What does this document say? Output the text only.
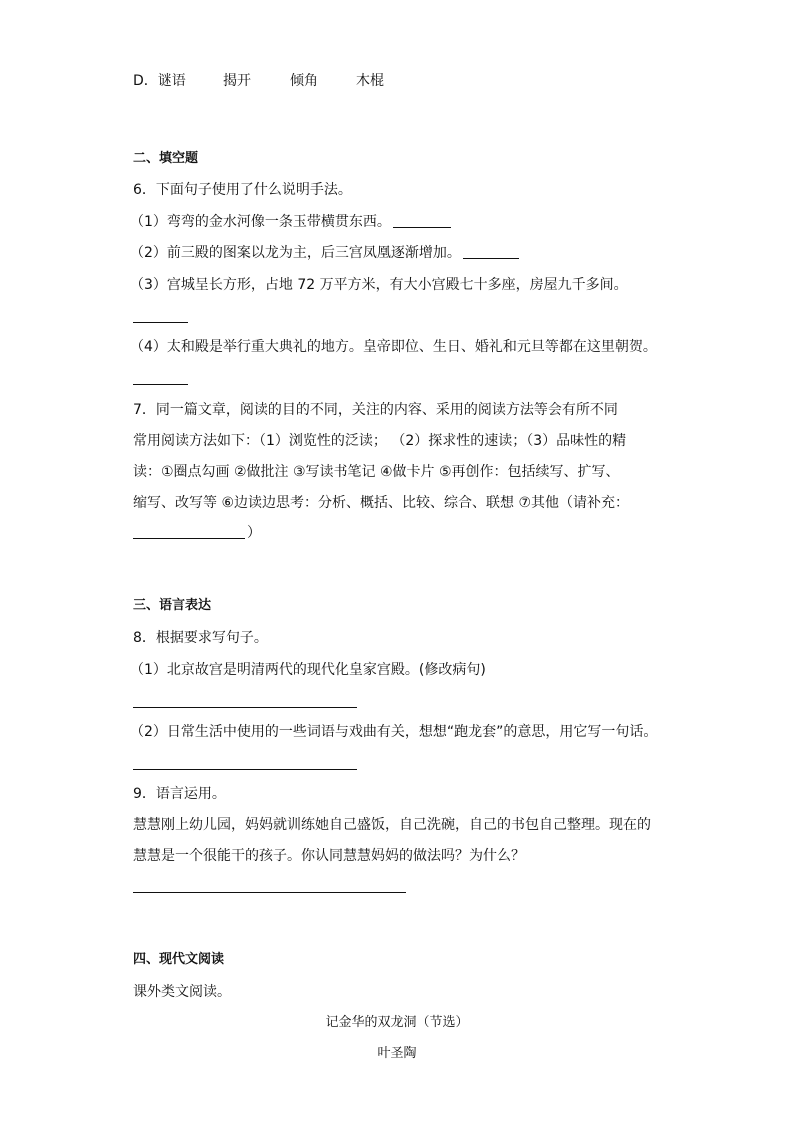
D．谜语	揭开	倾角	木棍
二、填空题
6．下面句子使用了什么说明手法。
（1）弯弯的金水河像一条玉带横贯东西。
（2）前三殿的图案以龙为主，后三宫凤凰逐渐增加。
（3）宫城呈长方形，占地 72 万平方米，有大小宫殿七十多座，房屋九千多间。
（4）太和殿是举行重大典礼的地方。皇帝即位、生日、婚礼和元旦等都在这里朝贺。
7．同一篇文章，阅读的目的不同，关注的内容、采用的阅读方法等会有所不同
常用阅读方法如下：（1）浏览性的泛读； （2）探求性的速读；（3）品味性的精
读：①圈点勾画 ②做批注 ③写读书笔记 ④做卡片 ⑤再创作：包括续写、扩写、
缩写、改写等 ⑥边读边思考：分析、概括、比较、综合、联想 ⑦其他（请补充：
）
三、语言表达
8．根据要求写句子。
（1）北京故宫是明清两代的现代化皇家宫殿。(修改病句)
（2）日常生活中使用的一些词语与戏曲有关，想想“跑龙套”的意思，用它写一句话。
9．语言运用。
慧慧刚上幼儿园，妈妈就训练她自己盛饭，自己洗碗，自己的书包自己整理。现在的
慧慧是一个很能干的孩子。你认同慧慧妈妈的做法吗？为什么？
四、现代文阅读
课外类文阅读。
记金华的双龙洞（节选）
叶圣陶
